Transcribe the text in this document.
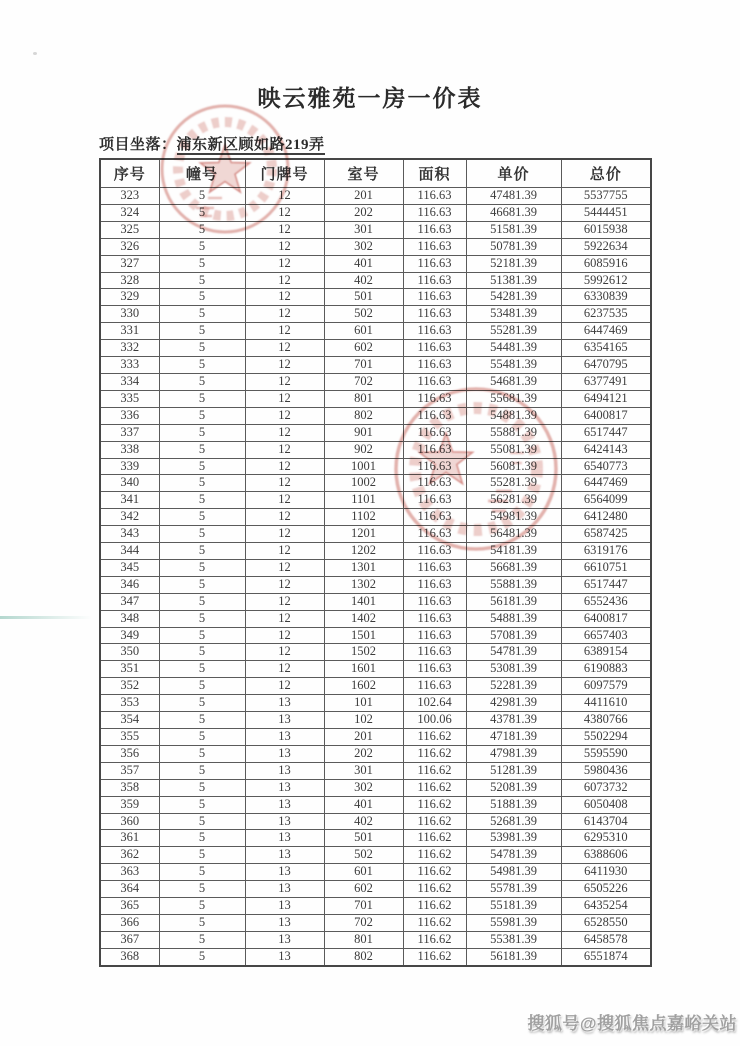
映云雅苑一房一价表
项目坐落：浦东新区顾如路219弄
序号	幢号	门牌号	室号	面积	单价	总价
323	5	12	201	116.63	47481.39	5537755
324	5	12	202	116.63	46681.39	5444451
325	5	12	301	116.63	51581.39	6015938
326	5	12	302	116.63	50781.39	5922634
327	5	12	401	116.63	52181.39	6085916
328	5	12	402	116.63	51381.39	5992612
329	5	12	501	116.63	54281.39	6330839
330	5	12	502	116.63	53481.39	6237535
331	5	12	601	116.63	55281.39	6447469
332	5	12	602	116.63	54481.39	6354165
333	5	12	701	116.63	55481.39	6470795
334	5	12	702	116.63	54681.39	6377491
335	5	12	801	116.63	55681.39	6494121
336	5	12	802	116.63	54881.39	6400817
337	5	12	901	116.63	55881.39	6517447
338	5	12	902	116.63	55081.39	6424143
339	5	12	1001	116.63	56081.39	6540773
340	5	12	1002	116.63	55281.39	6447469
341	5	12	1101	116.63	56281.39	6564099
342	5	12	1102	116.63	54981.39	6412480
343	5	12	1201	116.63	56481.39	6587425
344	5	12	1202	116.63	54181.39	6319176
345	5	12	1301	116.63	56681.39	6610751
346	5	12	1302	116.63	55881.39	6517447
347	5	12	1401	116.63	56181.39	6552436
348	5	12	1402	116.63	54881.39	6400817
349	5	12	1501	116.63	57081.39	6657403
350	5	12	1502	116.63	54781.39	6389154
351	5	12	1601	116.63	53081.39	6190883
352	5	12	1602	116.63	52281.39	6097579
353	5	13	101	102.64	42981.39	4411610
354	5	13	102	100.06	43781.39	4380766
355	5	13	201	116.62	47181.39	5502294
356	5	13	202	116.62	47981.39	5595590
357	5	13	301	116.62	51281.39	5980436
358	5	13	302	116.62	52081.39	6073732
359	5	13	401	116.62	51881.39	6050408
360	5	13	402	116.62	52681.39	6143704
361	5	13	501	116.62	53981.39	6295310
362	5	13	502	116.62	54781.39	6388606
363	5	13	601	116.62	54981.39	6411930
364	5	13	602	116.62	55781.39	6505226
365	5	13	701	116.62	55181.39	6435254
366	5	13	702	116.62	55981.39	6528550
367	5	13	801	116.62	55381.39	6458578
368	5	13	802	116.62	56181.39	6551874
搜狐号@搜狐焦点嘉峪关站
